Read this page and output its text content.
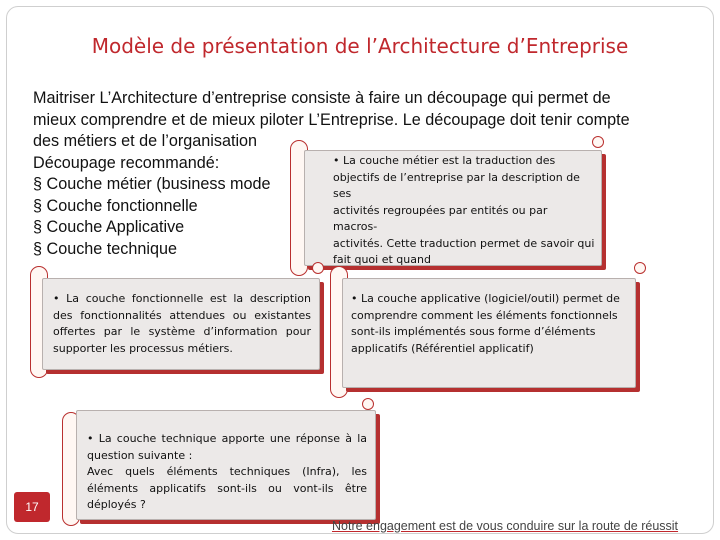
Modèle de présentation de l’Architecture d’Entreprise
Maitriser L’Architecture d’entreprise consiste à faire un découpage qui permet de
mieux comprendre et de mieux piloter L’Entreprise. Le découpage doit tenir compte
des métiers et de l’organisation
Découpage recommandé:
§ Couche métier (business mode
§ Couche fonctionnelle
§ Couche Applicative
§ Couche technique
• La couche métier est la traduction des
objectifs de l’entreprise par la description de ses
activités regroupées par entités ou par macros-
activités. Cette traduction permet de savoir qui
fait quoi et quand
• La couche fonctionnelle est la description
des fonctionnalités attendues ou existantes
offertes par le système d’information pour
supporter les processus métiers.
• La couche applicative (logiciel/outil) permet de
comprendre comment les éléments fonctionnels
sont-ils implémentés sous forme d’éléments
applicatifs (Référentiel applicatif)
• La couche technique apporte une réponse à la
question suivante :
Avec quels éléments techniques (Infra), les
éléments applicatifs sont-ils ou vont-ils être
déployés ?
17
Notre engagement est de vous conduire sur la route de réussit
